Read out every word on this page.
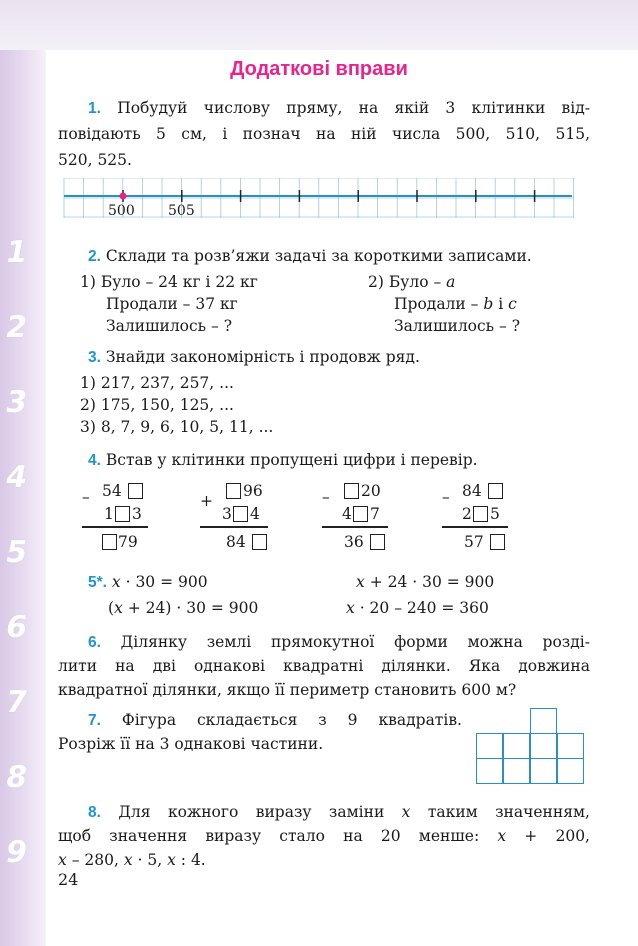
1
2
3
4
5
6
7
8
9
Додаткові вправи
1. Побудуй числову пряму, на якій 3 клітинки від-
повідають 5 см, і познач на ній числа 500, 510, 515,
520, 525.
500 505
2. Склади та розв’яжи задачі за короткими записами.
1) Було – 24 кг і 22 кг
Продали – 37 кг
Залишилось – ?
2) Було – a
Продали – b і c
Залишилось – ?
3. Знайди закономірність і продовж ряд.
1) 217, 237, 257, ...
2) 175, 150, 125, ...
3) 8, 7, 9, 6, 10, 5, 11, ...
4. Встав у клітинки пропущені цифри і перевір.
– 54
1 3
79
+
96
3 4
84
– 20
4 7
36
– 84
2 5
57
5*. x · 30 = 900	x + 24 · 30 = 900
(x + 24) · 30 = 900	x · 20 – 240 = 360
6. Ділянку землі прямокутної форми можна розді-
лити на дві однакові квадратні ділянки. Яка довжина
квадратної ділянки, якщо її периметр становить 600 м?
7. Фігура складається з 9 квадратів.
Розріж її на 3 однакові частини.
8. Для кожного виразу заміни x таким значенням,
щоб значення виразу стало на 20 менше: x + 200,
x – 280, x · 5, x : 4.
24
